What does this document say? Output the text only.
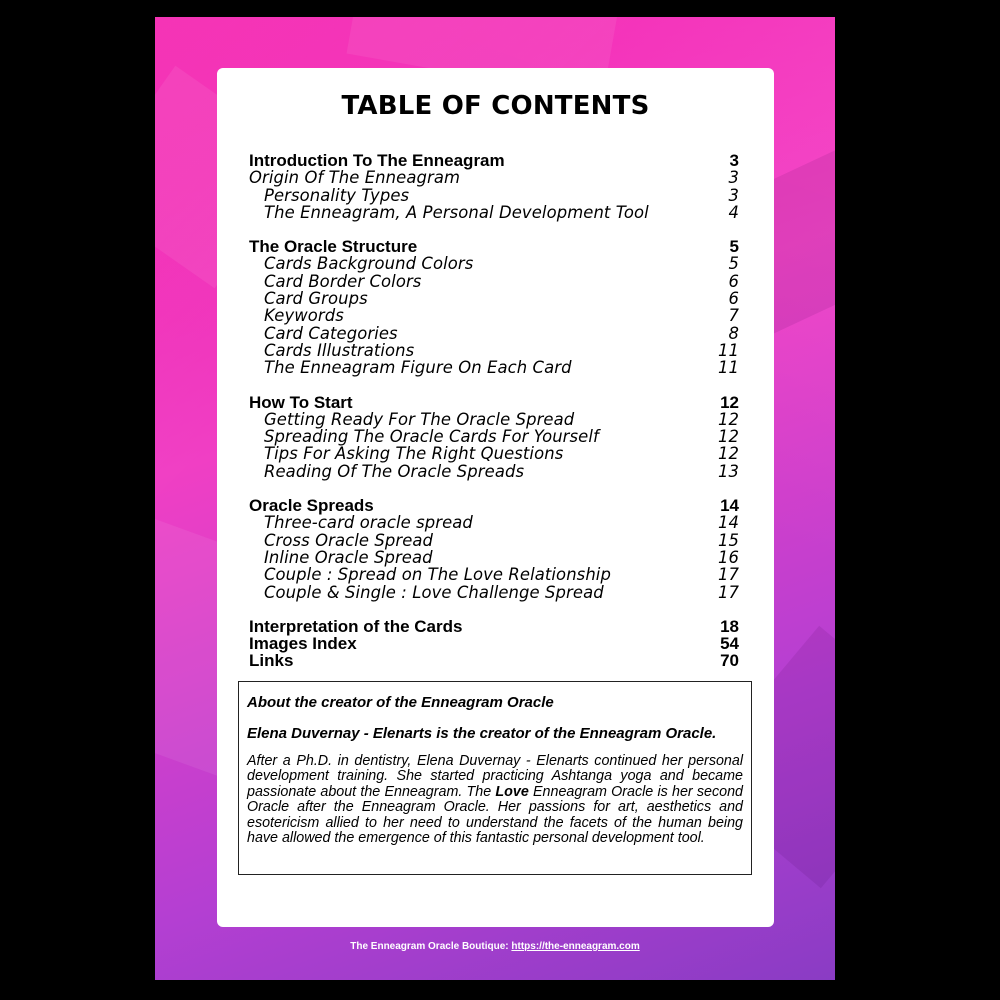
TABLE OF CONTENTS
Introduction To The Enneagram	3
Origin Of The Enneagram	3
Personality Types	3
The Enneagram, A Personal Development Tool	4
The Oracle Structure	5
Cards Background Colors	5
Card Border Colors	6
Card Groups	6
Keywords	7
Card Categories	8
Cards Illustrations	11
The Enneagram Figure On Each Card	11
How To Start	12
Getting Ready For The Oracle Spread	12
Spreading The Oracle Cards For Yourself	12
Tips For Asking The Right Questions	12
Reading Of The Oracle Spreads	13
Oracle Spreads	14
Three-card oracle spread	14
Cross Oracle Spread	15
Inline Oracle Spread	16
Couple : Spread on The Love Relationship	17
Couple & Single : Love Challenge Spread	17
Interpretation of the Cards	18
Images Index	54
Links	70

About the creator of the Enneagram Oracle

Elena Duvernay - Elenarts is the creator of the Enneagram Oracle.

After a Ph.D. in dentistry, Elena Duvernay - Elenarts continued her personal development training. She started practicing Ashtanga yoga and became passionate about the Enneagram. The Love Enneagram Oracle is her second Oracle after the Enneagram Oracle. Her passions for art, aesthetics and esotericism allied to her need to understand the facets of the human being have allowed the emergence of this fantastic personal development tool.

The Enneagram Oracle Boutique: https://the-enneagram.com
